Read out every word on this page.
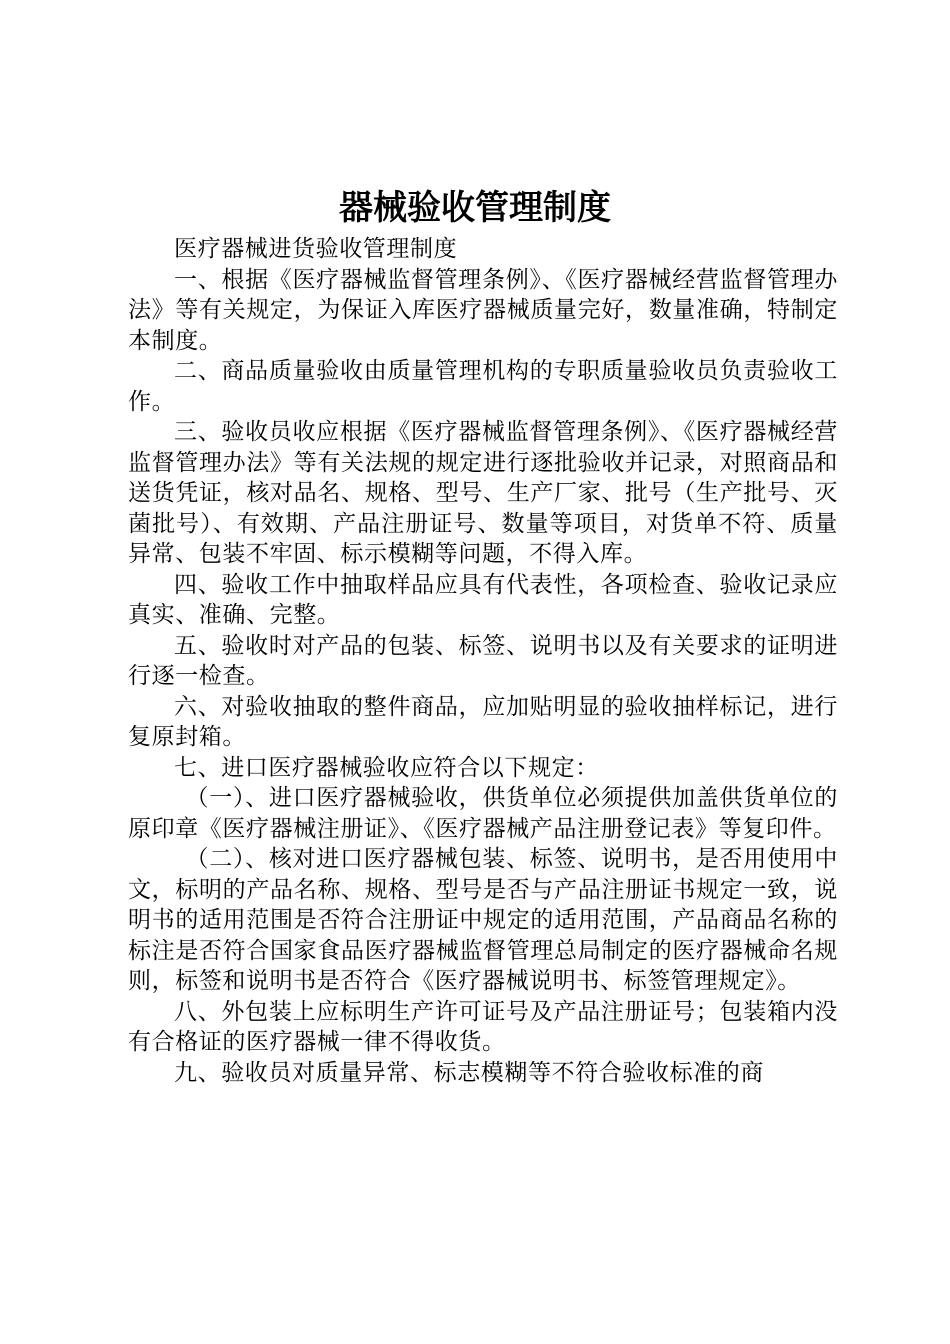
器械验收管理制度

医疗器械进货验收管理制度

一、根据《医疗器械监督管理条例》、《医疗器械经营监督管理办法》等有关规定，为保证入库医疗器械质量完好，数量准确，特制定本制度。

二、商品质量验收由质量管理机构的专职质量验收员负责验收工作。

三、验收员收应根据《医疗器械监督管理条例》、《医疗器械经营监督管理办法》等有关法规的规定进行逐批验收并记录，对照商品和送货凭证，核对品名、规格、型号、生产厂家、批号（生产批号、灭菌批号）、有效期、产品注册证号、数量等项目，对货单不符、质量异常、包装不牢固、标示模糊等问题，不得入库。

四、验收工作中抽取样品应具有代表性，各项检查、验收记录应真实、准确、完整。

五、验收时对产品的包装、标签、说明书以及有关要求的证明进行逐一检查。

六、对验收抽取的整件商品，应加贴明显的验收抽样标记，进行复原封箱。

七、进口医疗器械验收应符合以下规定：

（一）、进口医疗器械验收，供货单位必须提供加盖供货单位的原印章《医疗器械注册证》、《医疗器械产品注册登记表》等复印件。

（二）、核对进口医疗器械包装、标签、说明书，是否用使用中文，标明的产品名称、规格、型号是否与产品注册证书规定一致，说明书的适用范围是否符合注册证中规定的适用范围，产品商品名称的标注是否符合国家食品医疗器械监督管理总局制定的医疗器械命名规则，标签和说明书是否符合《医疗器械说明书、标签管理规定》。

八、外包装上应标明生产许可证号及产品注册证号；包装箱内没有合格证的医疗器械一律不得收货。

九、验收员对质量异常、标志模糊等不符合验收标准的商
